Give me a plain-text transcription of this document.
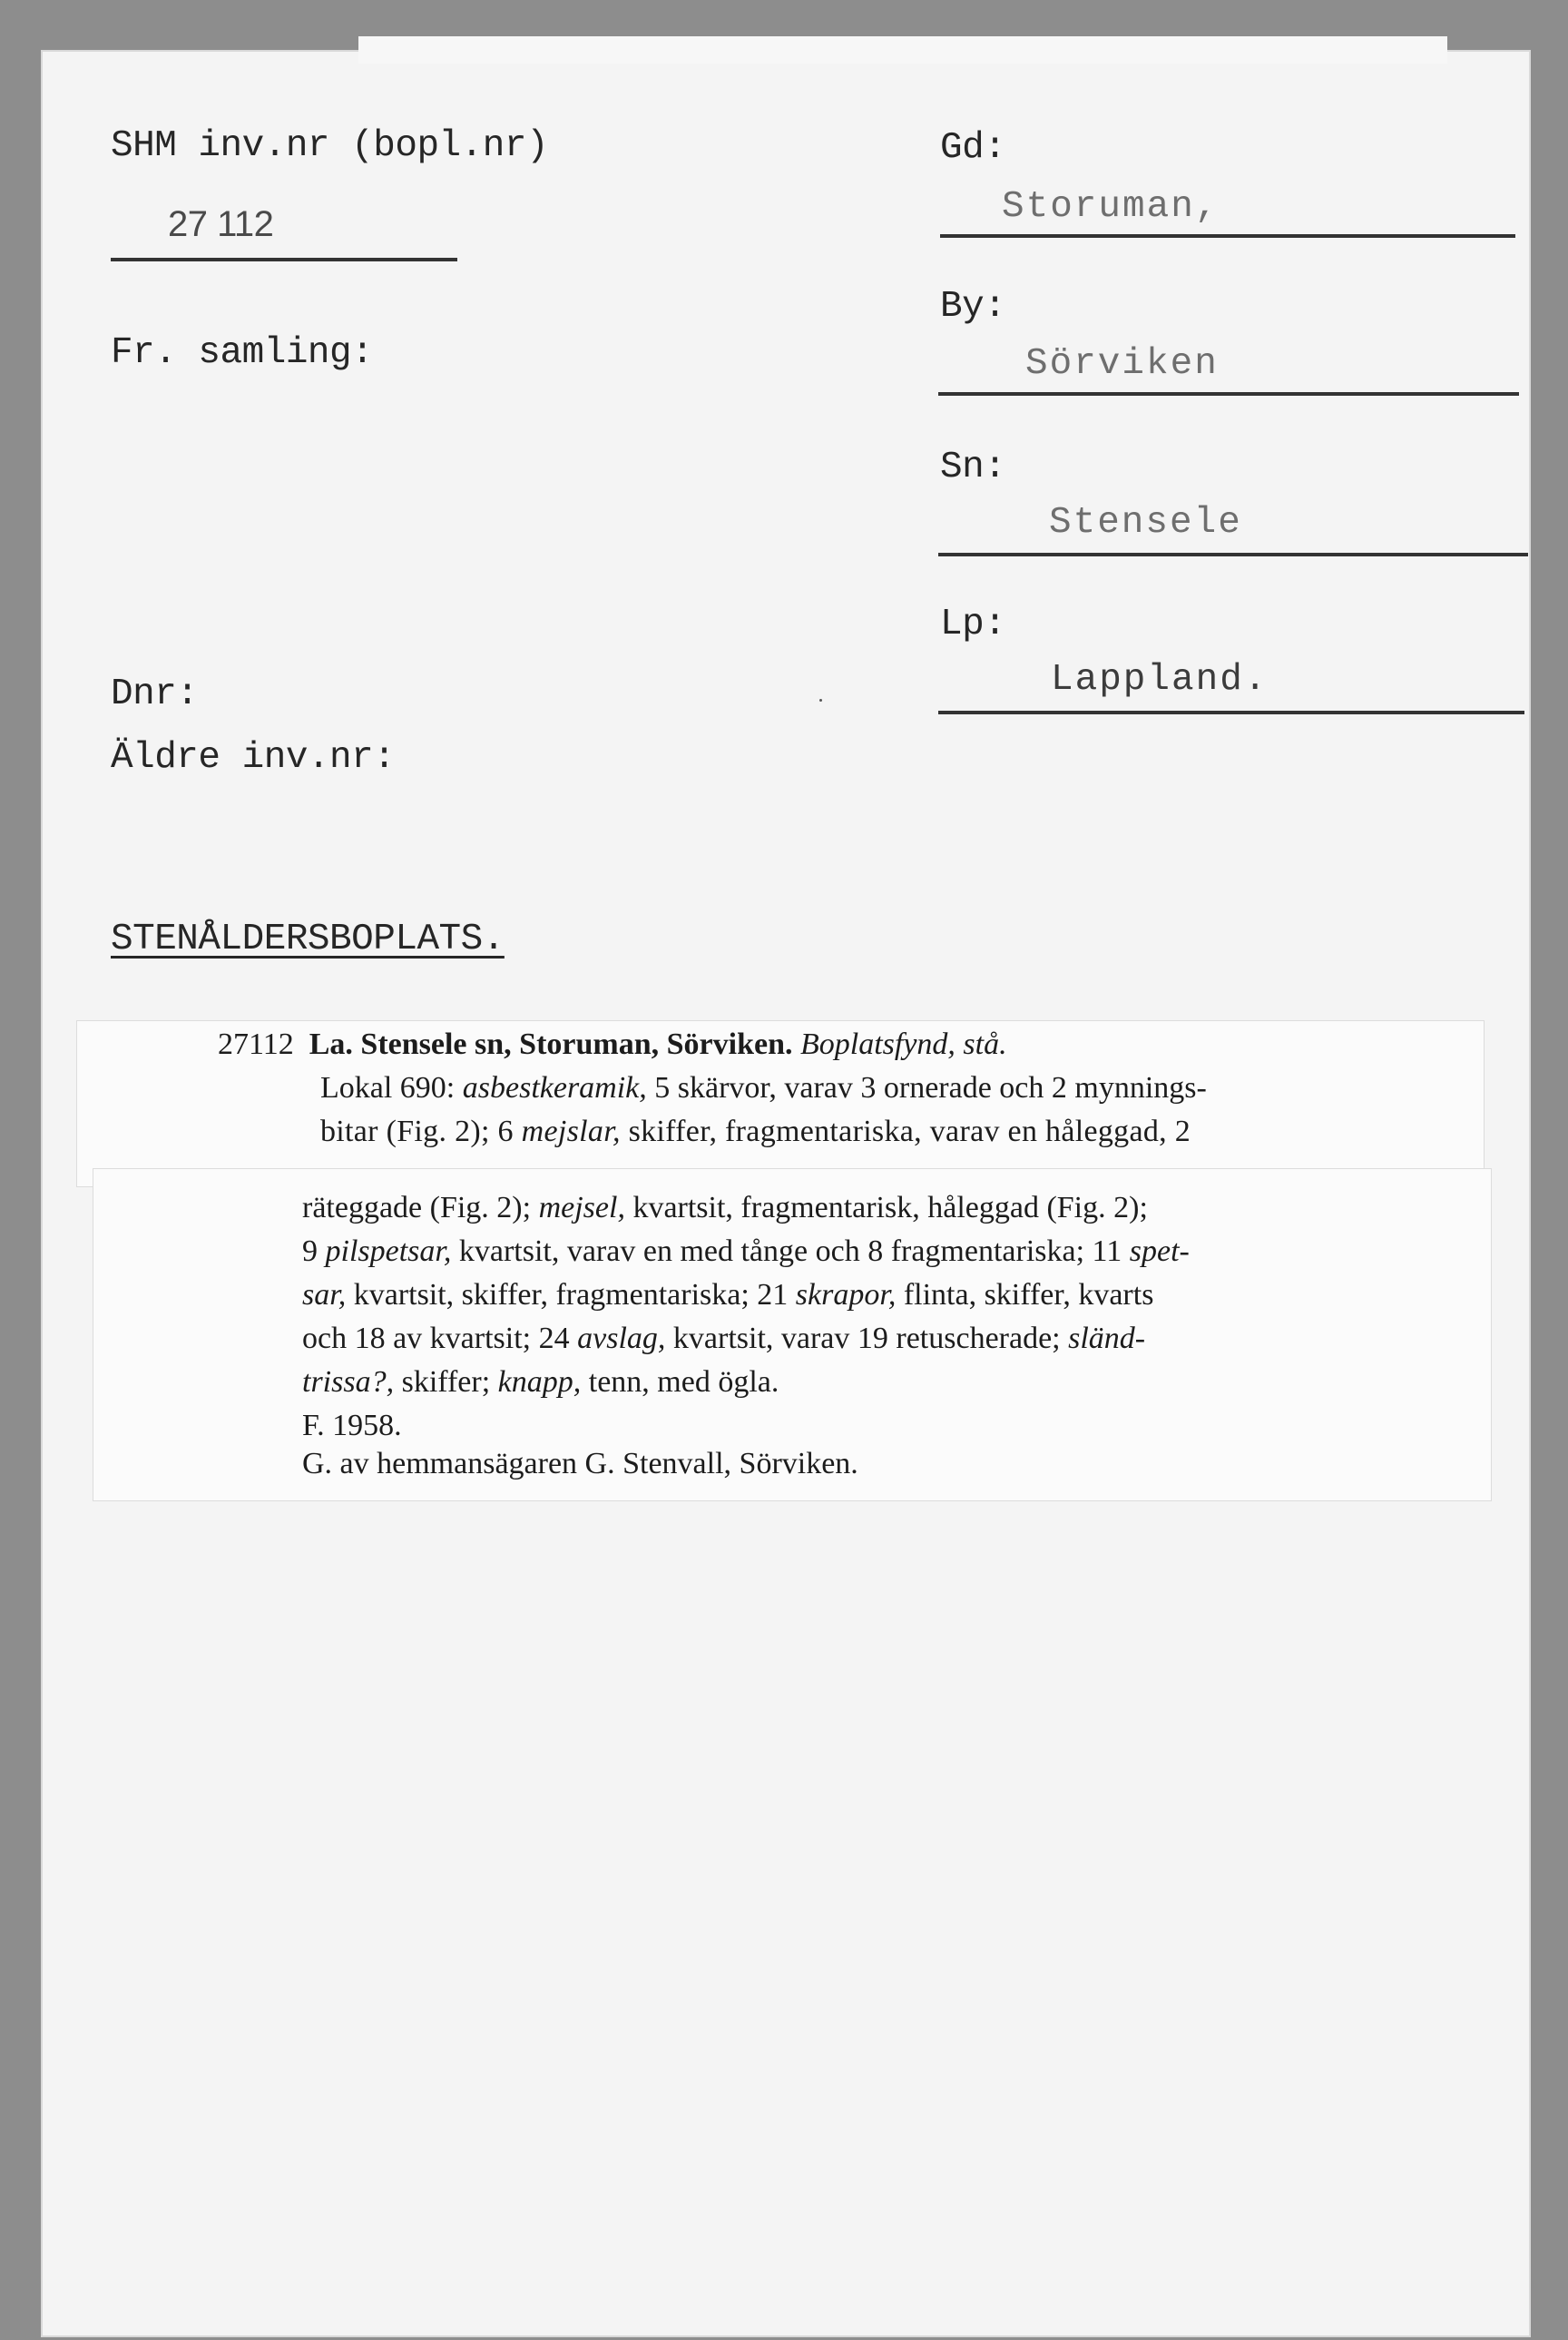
SHM inv.nr (bopl.nr)
27 112
Fr. samling:
Dnr:
Äldre inv.nr:
STENÅLDERSBOPLATS.
Gd:
Storuman,
By:
Sörviken
Sn:
Stensele
Lp:
Lappland.
27112 La. Stensele sn, Storuman, Sörviken. Boplatsfynd, stå.
Lokal 690: asbestkeramik, 5 skärvor, varav 3 ornerade och 2 mynnings-
bitar (Fig. 2); 6 mejslar, skiffer, fragmentariska, varav en håleggad, 2
räteggade (Fig. 2); mejsel, kvartsit, fragmentarisk, håleggad (Fig. 2);
9 pilspetsar, kvartsit, varav en med tånge och 8 fragmentariska; 11 spet-
sar, kvartsit, skiffer, fragmentariska; 21 skrapor, flinta, skiffer, kvarts
och 18 av kvartsit; 24 avslag, kvartsit, varav 19 retuscherade; sländ-
trissa?, skiffer; knapp, tenn, med ögla.
F. 1958.
G. av hemmansägaren G. Stenvall, Sörviken.
